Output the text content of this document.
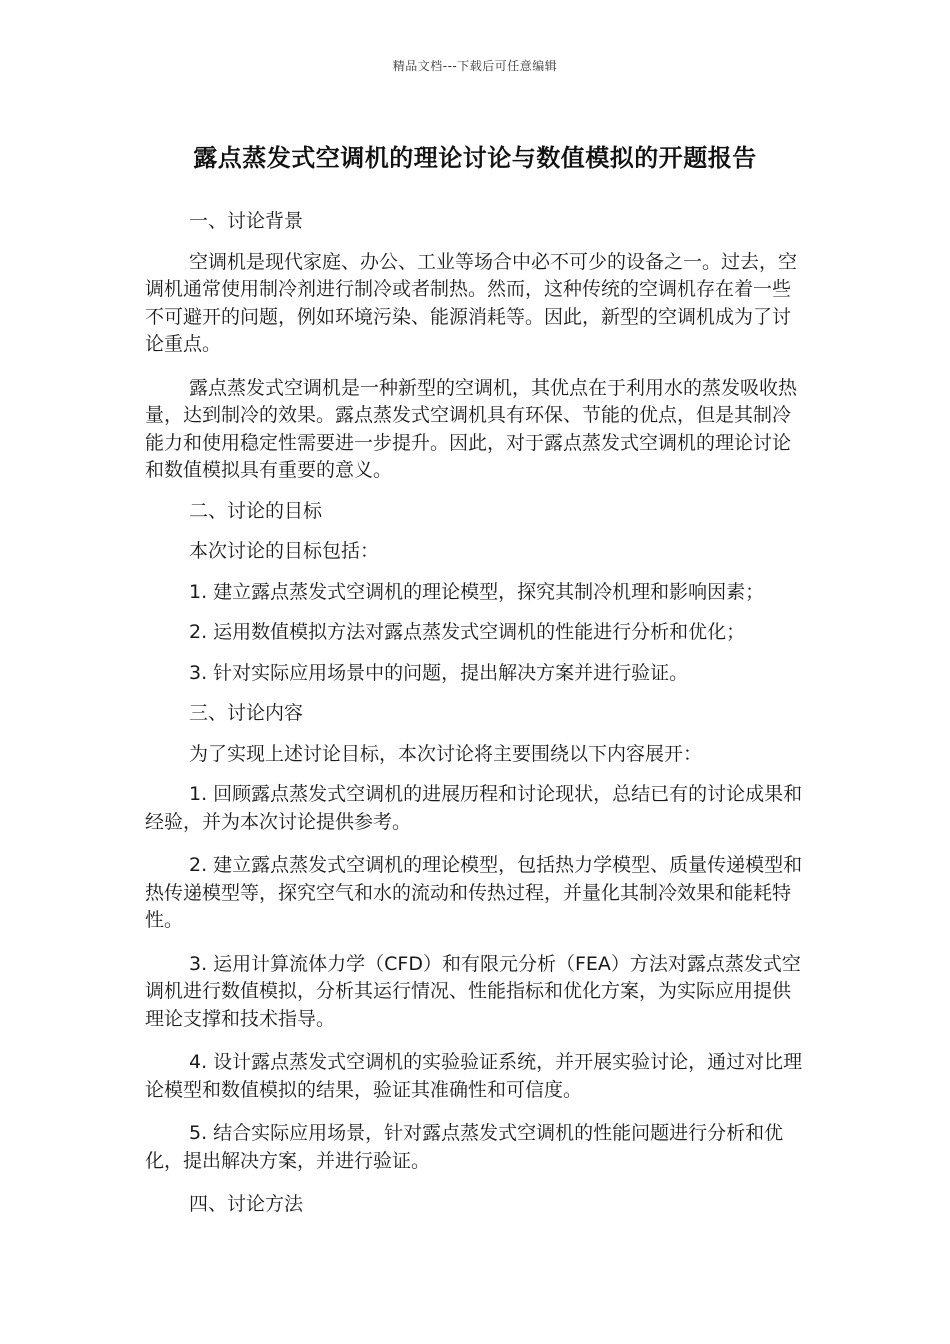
精品文档---下载后可任意编辑
露点蒸发式空调机的理论讨论与数值模拟的开题报告

一、讨论背景

空调机是现代家庭、办公、工业等场合中必不可少的设备之一。过去，空调机通常使用制冷剂进行制冷或者制热。然而，这种传统的空调机存在着一些不可避开的问题，例如环境污染、能源消耗等。因此，新型的空调机成为了讨论重点。

露点蒸发式空调机是一种新型的空调机，其优点在于利用水的蒸发吸收热量，达到制冷的效果。露点蒸发式空调机具有环保、节能的优点，但是其制冷能力和使用稳定性需要进一步提升。因此，对于露点蒸发式空调机的理论讨论和数值模拟具有重要的意义。

二、讨论的目标

本次讨论的目标包括：

1. 建立露点蒸发式空调机的理论模型，探究其制冷机理和影响因素；

2. 运用数值模拟方法对露点蒸发式空调机的性能进行分析和优化；

3. 针对实际应用场景中的问题，提出解决方案并进行验证。

三、讨论内容

为了实现上述讨论目标，本次讨论将主要围绕以下内容展开：

1. 回顾露点蒸发式空调机的进展历程和讨论现状，总结已有的讨论成果和经验，并为本次讨论提供参考。

2. 建立露点蒸发式空调机的理论模型，包括热力学模型、质量传递模型和热传递模型等，探究空气和水的流动和传热过程，并量化其制冷效果和能耗特性。

3. 运用计算流体力学（CFD）和有限元分析（FEA）方法对露点蒸发式空调机进行数值模拟，分析其运行情况、性能指标和优化方案，为实际应用提供理论支撑和技术指导。

4. 设计露点蒸发式空调机的实验验证系统，并开展实验讨论，通过对比理论模型和数值模拟的结果，验证其准确性和可信度。

5. 结合实际应用场景，针对露点蒸发式空调机的性能问题进行分析和优化，提出解决方案，并进行验证。

四、讨论方法
